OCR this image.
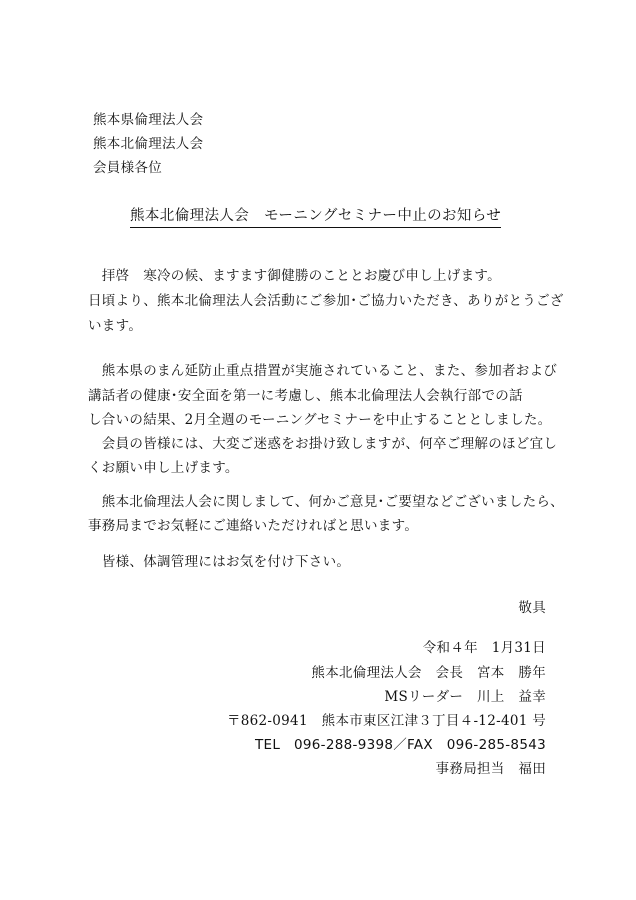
熊本県倫理法人会
熊本北倫理法人会
会員様各位
熊本北倫理法人会　モーニングセミナー中止のお知らせ
　拝啓　寒冷の候、ますます御健勝のこととお慶び申し上げます。
日頃より、熊本北倫理法人会活動にご参加･ご協力いただき、ありがとうござ
います。
　熊本県のまん延防止重点措置が実施されていること、また、参加者および
講話者の健康･安全面を第一に考慮し、熊本北倫理法人会執行部での話
し合いの結果、2月全週のモーニングセミナーを中止することとしました。
　会員の皆様には、大変ご迷惑をお掛け致しますが、何卒ご理解のほど宜し
くお願い申し上げます。
　熊本北倫理法人会に関しまして、何かご意見･ご要望などございましたら、
事務局までお気軽にご連絡いただければと思います。
　皆様、体調管理にはお気を付け下さい。
敬具
令和４年　1月31日
熊本北倫理法人会　会長　宮本　勝年
MSリーダー　川上　益幸
〒862-0941　熊本市東区江津３丁目４-12-401 号
TEL　096-288-9398／FAX　096-285-8543
事務局担当　福田
